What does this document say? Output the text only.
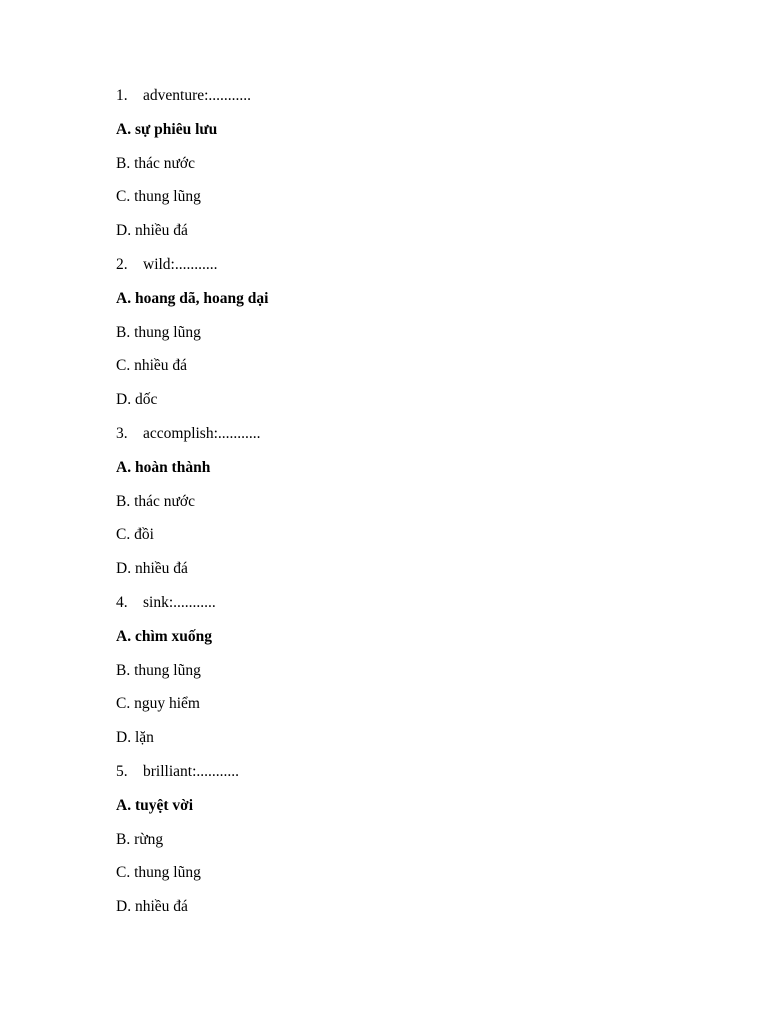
1. adventure:...........
A. sự phiêu lưu
B. thác nước
C. thung lũng
D. nhiều đá
2. wild:...........
A. hoang dã, hoang dại
B. thung lũng
C. nhiều đá
D. dốc
3. accomplish:...........
A. hoàn thành
B. thác nước
C. đồi
D. nhiều đá
4. sink:...........
A. chìm xuống
B. thung lũng
C. nguy hiểm
D. lặn
5. brilliant:...........
A. tuyệt vời
B. rừng
C. thung lũng
D. nhiều đá
